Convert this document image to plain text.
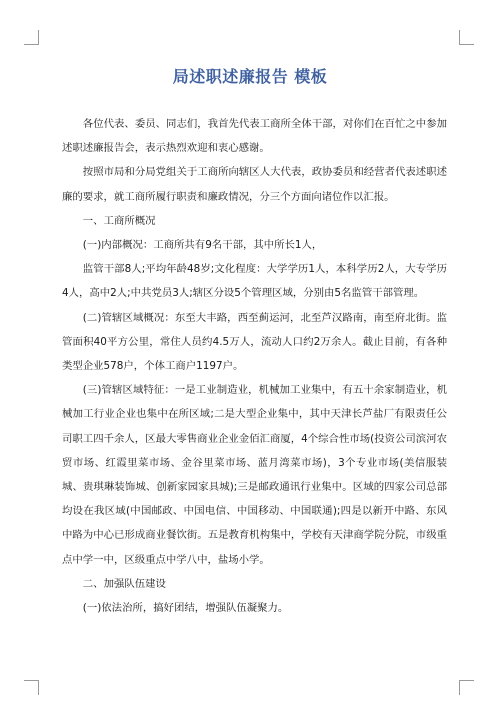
局述职述廉报告 模板

各位代表、委员、同志们，我首先代表工商所全体干部，对你们在百忙之中参加述职述廉报告会，表示热烈欢迎和衷心感谢。

按照市局和分局党组关于工商所向辖区人大代表，政协委员和经营者代表述职述廉的要求，就工商所履行职责和廉政情况，分三个方面向诸位作以汇报。

一、工商所概况

(一)内部概况：工商所共有9名干部，其中所长1人，

监管干部8人;平均年龄48岁;文化程度：大学学历1人，本科学历2人，大专学历4人，高中2人;中共党员3人;辖区分设5个管理区域，分别由5名监管干部管理。

(二)管辖区域概况：东至大丰路，西至蓟运河，北至芦汉路南，南至府北街。监管面积40平方公里，常住人员约4.5万人，流动人口约2万余人。截止目前，有各种类型企业578户，个体工商户1197户。

(三)管辖区域特征：一是工业制造业，机械加工业集中，有五十余家制造业，机械加工行业企业也集中在所区域;二是大型企业集中，其中天津长芦盐厂有限责任公司职工四千余人，区最大零售商业企业金佰汇商厦，4个综合性市场(投资公司滨河农贸市场、红霞里菜市场、金谷里菜市场、蓝月湾菜市场)，3个专业市场(美信服装城、贵琪琳装饰城、创新家园家具城);三是邮政通讯行业集中。区域的四家公司总部均设在我区域(中国邮政、中国电信、中国移动、中国联通);四是以新开中路、东风中路为中心已形成商业餐饮街。五是教育机构集中，学校有天津商学院分院，市级重点中学一中，区级重点中学八中，盐场小学。

二、加强队伍建设

(一)依法治所，搞好团结，增强队伍凝聚力。
